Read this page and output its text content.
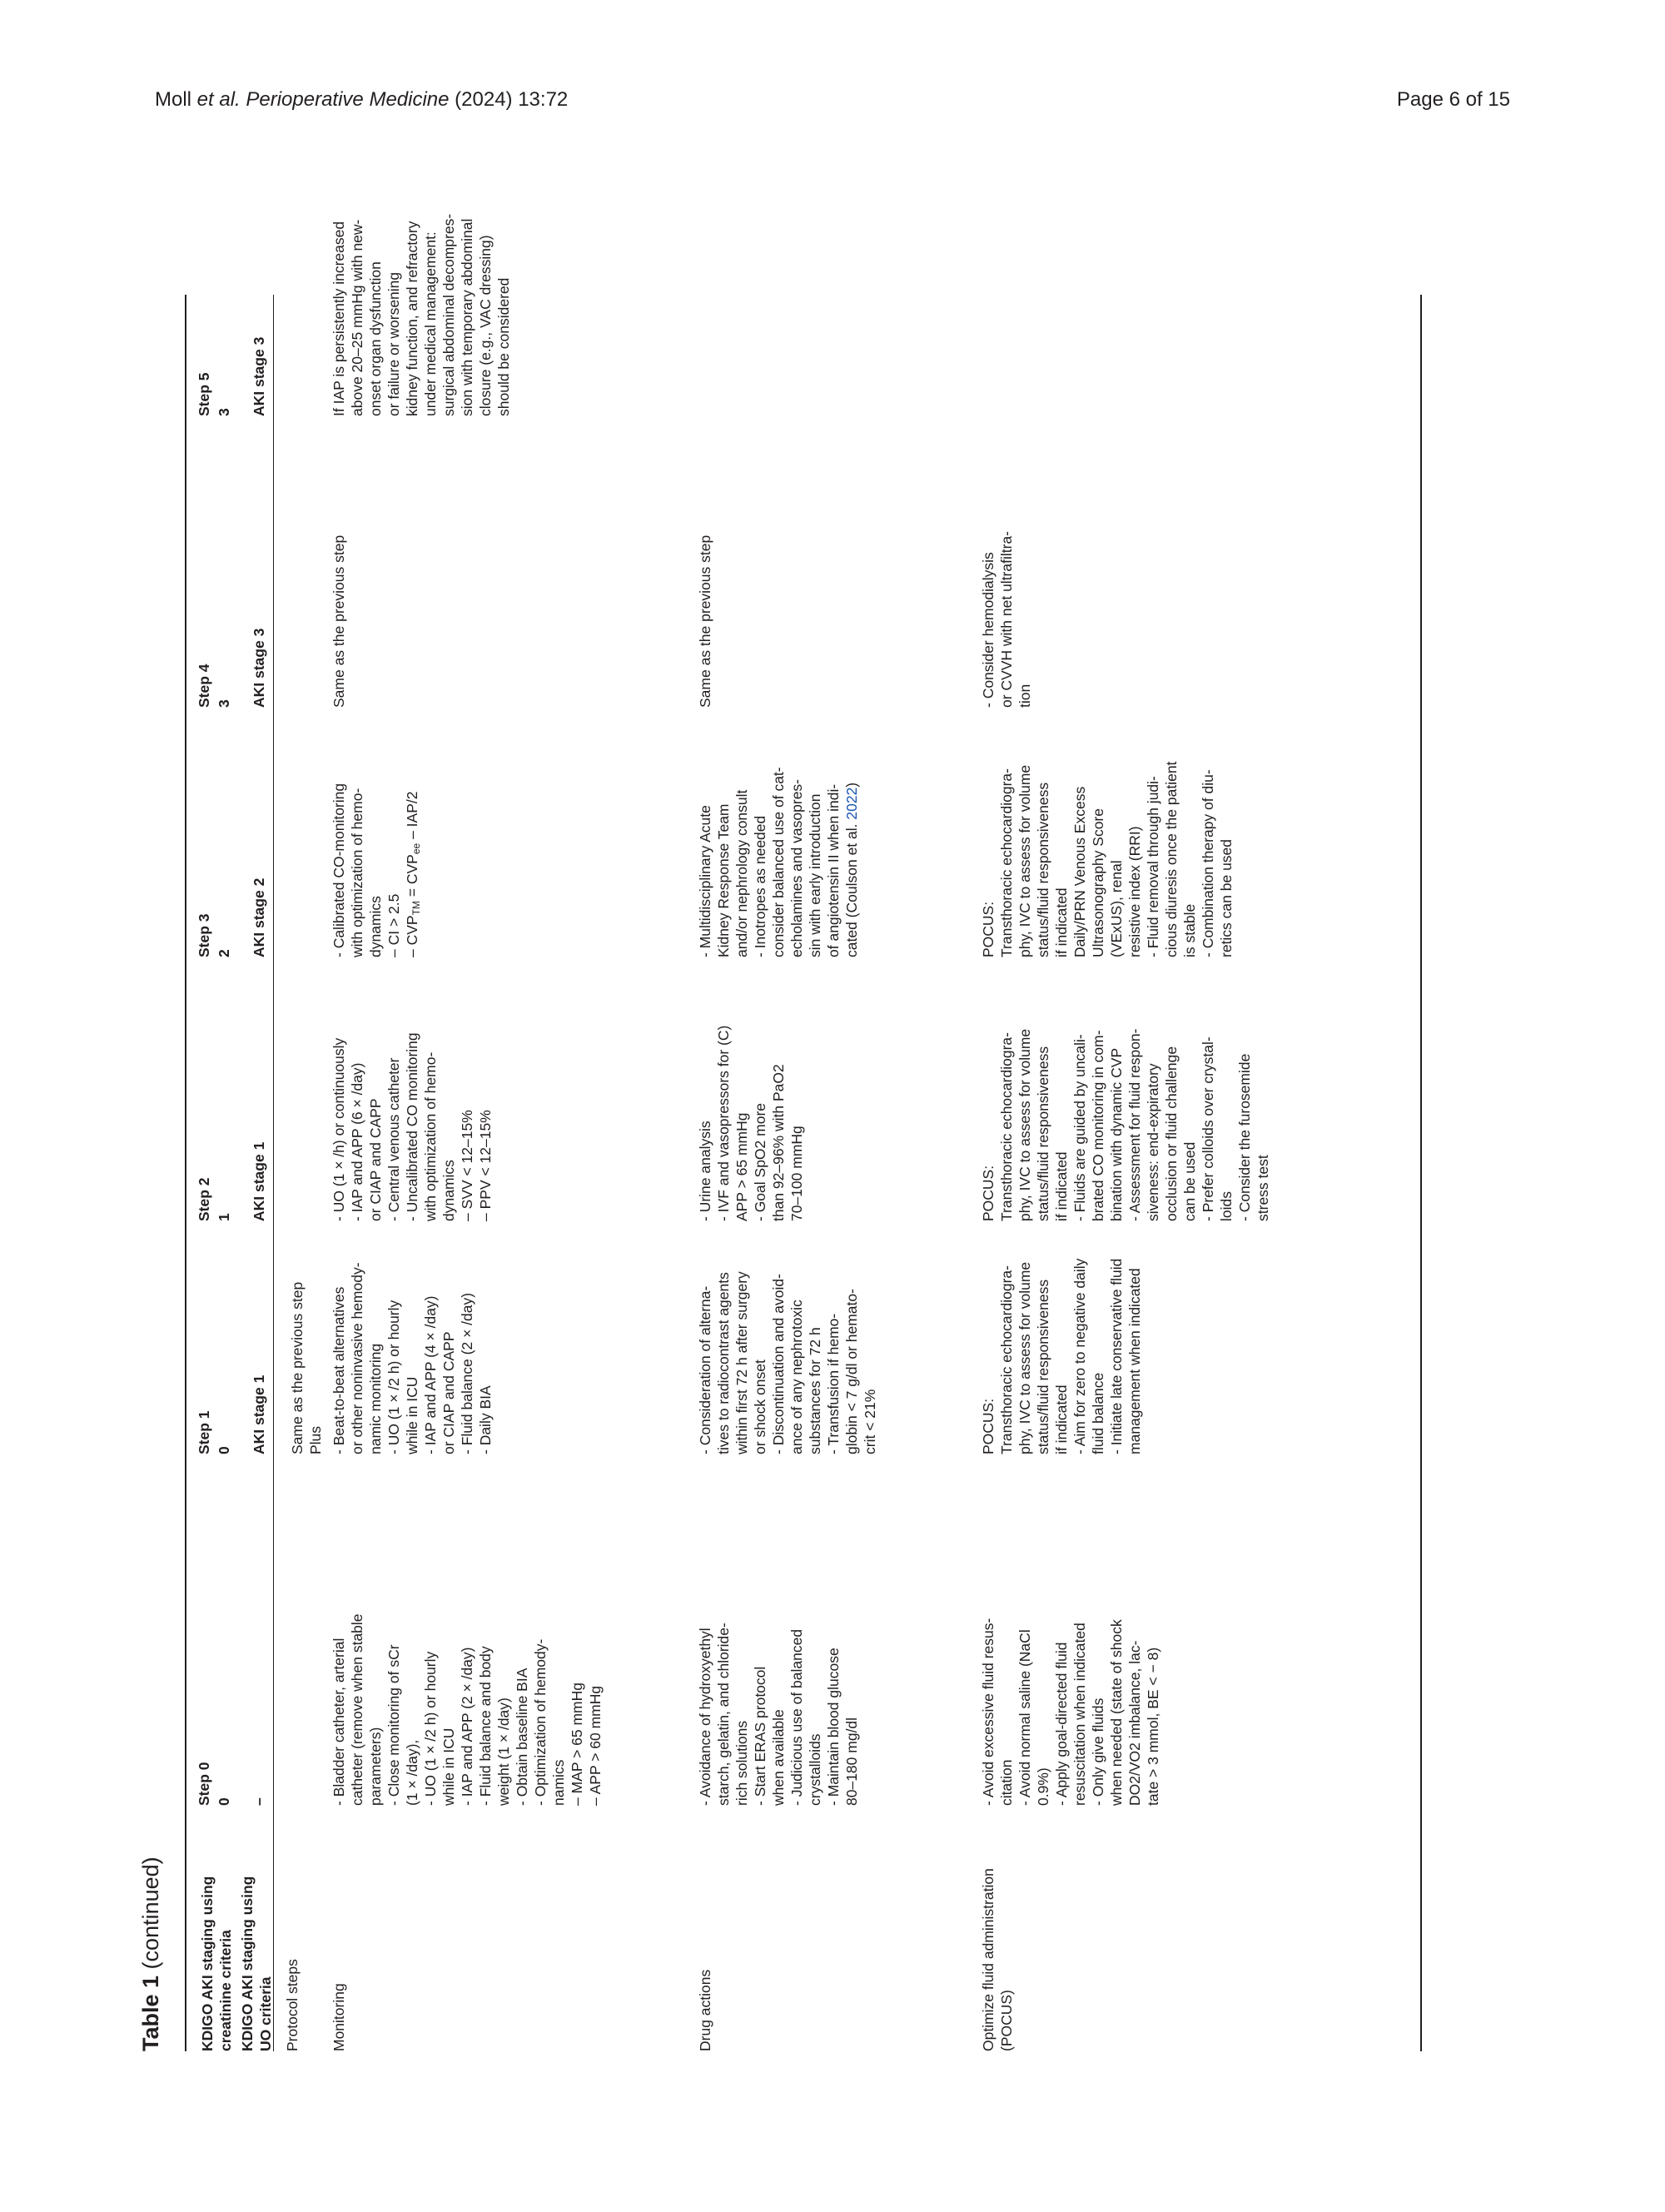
Moll et al. Perioperative Medicine (2024) 13:72	Page 6 of 15
Table 1 (continued)
KDIGO AKI staging using
creatinine criteria
Step 0
Step 1
Step 2
Step 3
Step 4
Step 5
0
0
1
2
3
3
KDIGO AKI staging using
UO criteria
–
AKI stage 1
AKI stage 1
AKI stage 2
AKI stage 3
AKI stage 3
Protocol steps
Same as the previous step
Plus
Monitoring
- Bladder catheter, arterial
catheter (remove when stable
parameters)
- Close monitoring of sCr
(1 × /day),
- UO (1 × /2 h) or hourly
while in ICU
- IAP and APP (2 × /day)
- Fluid balance and body
weight (1 × /day)
- Obtain baseline BIA
- Optimization of hemody-
namics
– MAP > 65 mmHg
– APP > 60 mmHg
- Beat-to-beat alternatives
or other noninvasive hemody-
namic monitoring
- UO (1 × /2 h) or hourly
while in ICU
- IAP and APP (4 × /day)
or CIAP and CAPP
- Fluid balance (2 × /day)
- Daily BIA
- UO (1 × /h) or continuously
- IAP and APP (6 × /day)
or CIAP and CAPP
- Central venous catheter
- Uncalibrated CO monitoring
with optimization of hemo-
dynamics
– SVV < 12–15%
– PPV < 12–15%
- Calibrated CO-monitoring
with optimization of hemo-
dynamics
– CI > 2.5
– $CVP_{TM} = CVP_{ee} - IAP/2$
Same as the previous step
If IAP is persistently increased
above 20–25 mmHg with new-
onset organ dysfunction
or failure or worsening
kidney function, and refractory
under medical management:
surgical abdominal decompres-
sion with temporary abdominal
closure (e.g., VAC dressing)
should be considered
Drug actions
- Avoidance of hydroxyethyl
starch, gelatin, and chloride-
rich solutions
- Start ERAS protocol
when available
- Judicious use of balanced
crystalloids
- Maintain blood glucose
80–180 mg/dl
- Consideration of alterna-
tives to radiocontrast agents
within first 72 h after surgery
or shock onset
- Discontinuation and avoid-
ance of any nephrotoxic
substances for 72 h
- Transfusion if hemo-
globin < 7 g/dl or hemato-
crit < 21%
- Urine analysis
- IVF and vasopressors for (C)
APP > 65 mmHg
- Goal SpO2 more
than 92–96% with PaO2
70–100 mmHg
- Multidisciplinary Acute
Kidney Response Team
and/or nephrology consult
- Inotropes as needed
consider balanced use of cat-
echolamines and vasopres-
sin with early introduction
of angiotensin II when indi-
cated (Coulson et al. 2022)
Same as the previous step
Optimize fluid administration
(POCUS)
- Avoid excessive fluid resus-
citation
- Avoid normal saline (NaCl
0.9%)
- Apply goal-directed fluid
resuscitation when indicated
- Only give fluids
when needed (state of shock
DO2/VO2 imbalance, lac-
tate > 3 mmol, BE < − 8)
POCUS:
Transthoracic echocardiogra-
phy, IVC to assess for volume
status/fluid responsiveness
if indicated
- Aim for zero to negative daily
fluid balance
- Initiate late conservative fluid
management when indicated
POCUS:
Transthoracic echocardiogra-
phy, IVC to assess for volume
status/fluid responsiveness
if indicated
- Fluids are guided by uncali-
brated CO monitoring in com-
bination with dynamic CVP
- Assessment for fluid respon-
siveness: end-expiratory
occlusion or fluid challenge
can be used
- Prefer colloids over crystal-
loids
- Consider the furosemide
stress test
POCUS:
Transthoracic echocardiogra-
phy, IVC to assess for volume
status/fluid responsiveness
if indicated
Daily/PRN Venous Excess
Ultrasonography Score
(VExUS), renal
resistive index (RRI)
- Fluid removal through judi-
cious diuresis once the patient
is stable
- Combination therapy of diu-
retics can be used
- Consider hemodialysis
or CVVH with net ultrafiltra-
tion
